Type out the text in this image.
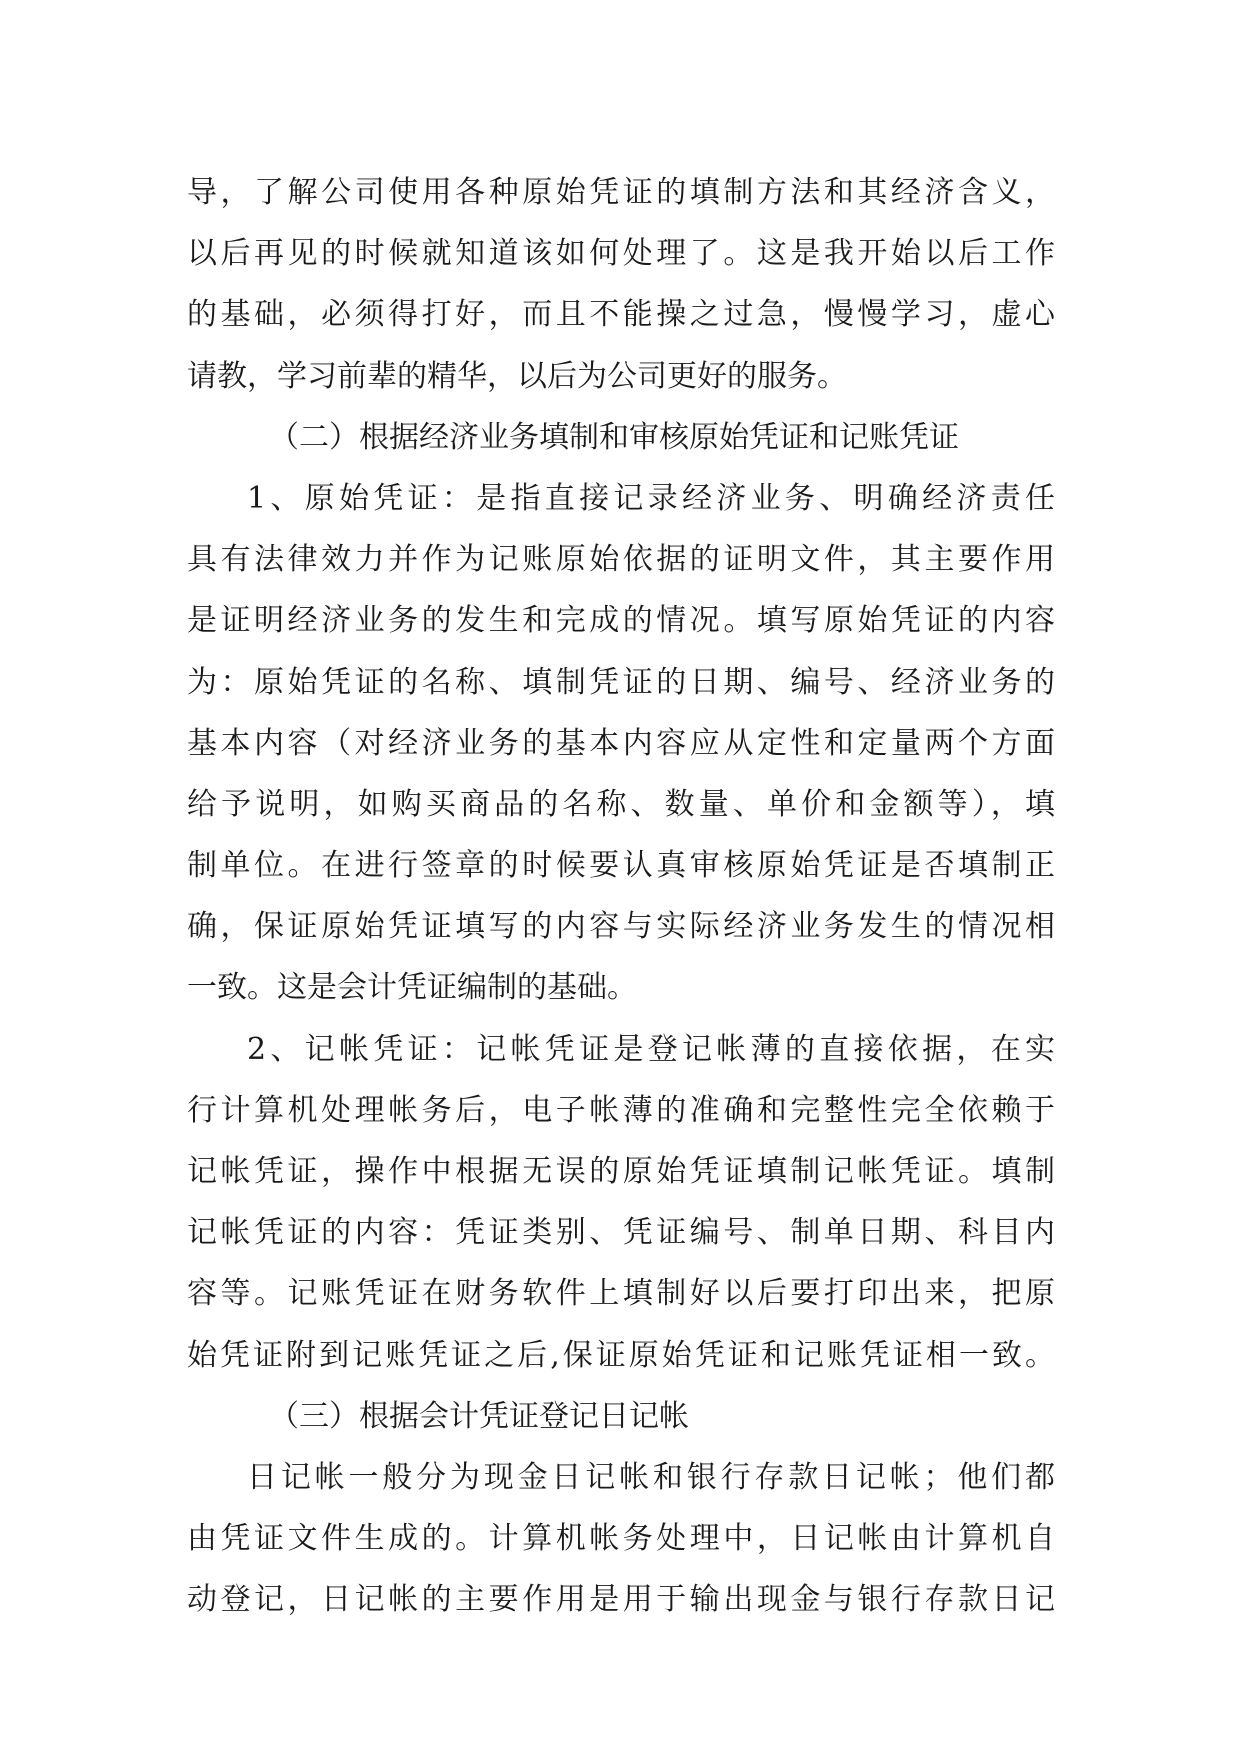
导，了解公司使用各种原始凭证的填制方法和其经济含义，
以后再见的时候就知道该如何处理了。这是我开始以后工作
的基础，必须得打好，而且不能操之过急，慢慢学习，虚心
请教，学习前辈的精华，以后为公司更好的服务。
（二）根据经济业务填制和审核原始凭证和记账凭证
1、原始凭证：是指直接记录经济业务、明确经济责任
具有法律效力并作为记账原始依据的证明文件，其主要作用
是证明经济业务的发生和完成的情况。填写原始凭证的内容
为：原始凭证的名称、填制凭证的日期、编号、经济业务的
基本内容（对经济业务的基本内容应从定性和定量两个方面
给予说明，如购买商品的名称、数量、单价和金额等），填
制单位。在进行签章的时候要认真审核原始凭证是否填制正
确，保证原始凭证填写的内容与实际经济业务发生的情况相
一致。这是会计凭证编制的基础。
2、记帐凭证：记帐凭证是登记帐薄的直接依据，在实
行计算机处理帐务后，电子帐薄的准确和完整性完全依赖于
记帐凭证，操作中根据无误的原始凭证填制记帐凭证。填制
记帐凭证的内容：凭证类别、凭证编号、制单日期、科目内
容等。记账凭证在财务软件上填制好以后要打印出来，把原
始凭证附到记账凭证之后,保证原始凭证和记账凭证相一致。
（三）根据会计凭证登记日记帐
日记帐一般分为现金日记帐和银行存款日记帐；他们都
由凭证文件生成的。计算机帐务处理中，日记帐由计算机自
动登记，日记帐的主要作用是用于输出现金与银行存款日记
